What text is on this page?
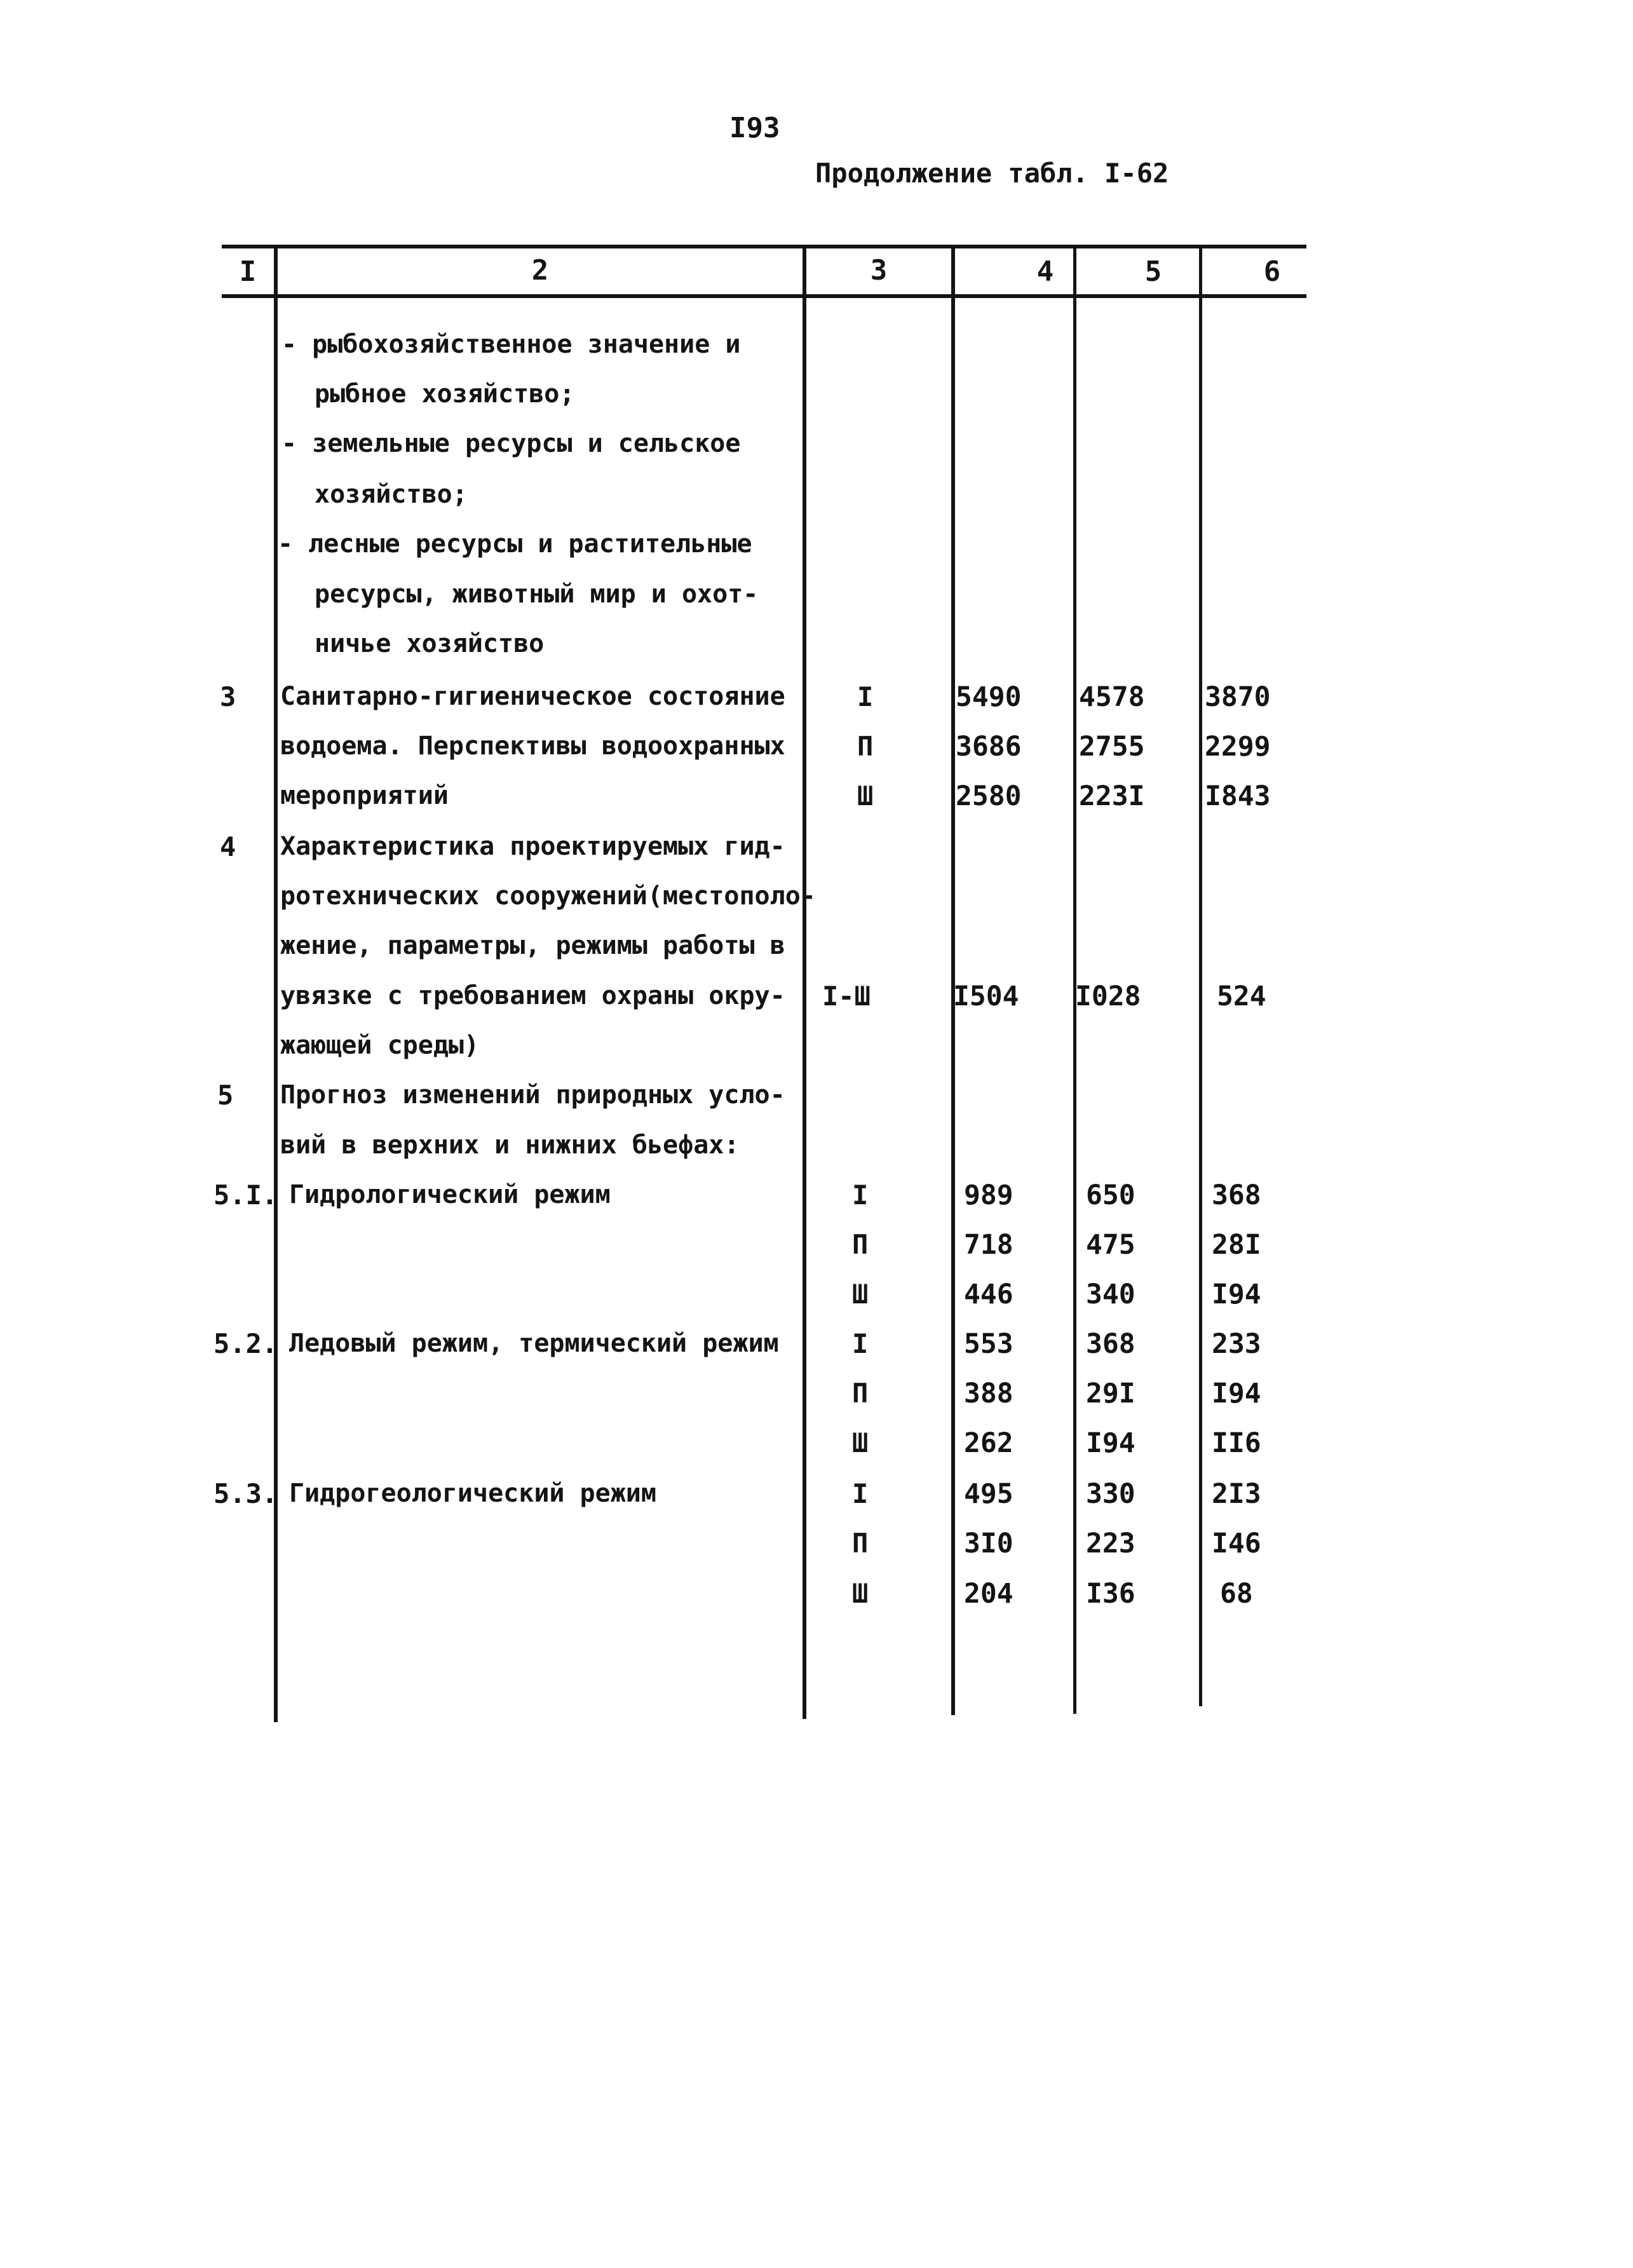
I93
Продолжение табл. I-62
I	2	3	4	5	6
- рыбохозяйственное значение и
рыбное хозяйство;
- земельные ресурсы и сельское
хозяйство;
- лесные ресурсы и растительные
ресурсы, животный мир и охот-
ничье хозяйство
3 Санитарно-гигиеническое состояние
водоема. Перспективы водоохранных
мероприятий
I	5490 4578 3870
П	3686 2755 2299
Ш	2580 223I I843
4 Характеристика проектируемых гид-
ротехнических сооружений(местополо-
жение, параметры, режимы работы в
увязке с требованием охраны окру-
жающей среды)
I-Ш	I504 I028	524
5 Прогноз изменений природных усло-
вий в верхних и нижних бьефах:
5.I. Гидрологический режим	I	989	650	368
П	718	475	28I
Ш	446	340	I94
5.2. Ледовый режим, термический режим	I	553	368	233
П	388	29I	I94
Ш	262	I94	II6
5.3. Гидрогеологический режим	I	495	330	2I3
П	3I0	223	I46
Ш	204	I36	68
